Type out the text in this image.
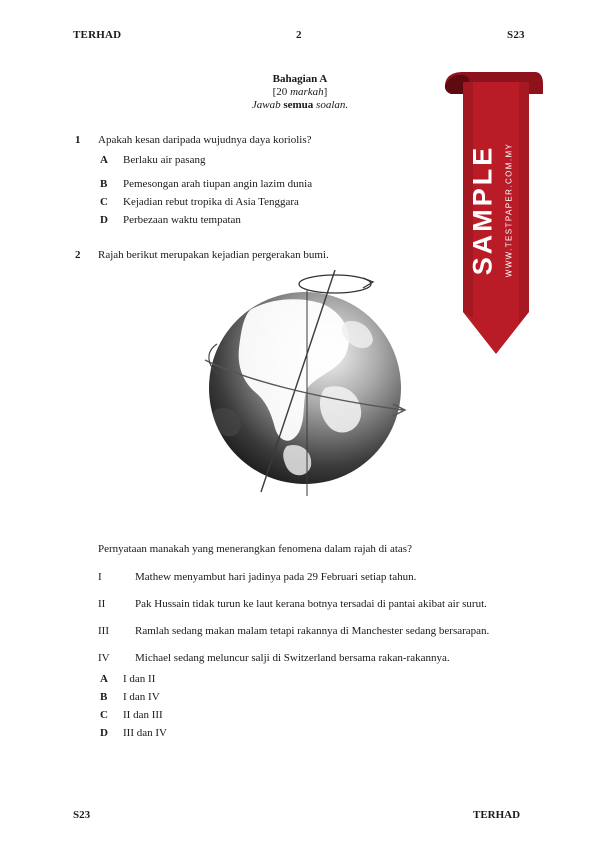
TERHAD	2	S23
Bahagian A
[20 markah]
Jawab semua soalan.
1 Apakah kesan daripada wujudnya daya koriolis?
A Berlaku air pasang
B Pemesongan arah tiupan angin lazim dunia
C Kejadian rebut tropika di Asia Tenggara
D Perbezaan waktu tempatan
2 Rajah berikut merupakan kejadian pergerakan bumi.
Pernyataan manakah yang menerangkan fenomena dalam rajah di atas?
I	Mathew menyambut hari jadinya pada 29 Februari setiap tahun.
II	Pak Hussain tidak turun ke laut kerana botnya tersadai di pantai akibat air surut.
III Ramlah sedang makan malam tetapi rakannya di Manchester sedang bersarapan.
IV Michael sedang meluncur salji di Switzerland bersama rakan-rakannya.
A I dan II
B I dan IV
C II dan III
D III dan IV
SAMPLE WWW.TESTPAPER.COM.MY
S23	TERHAD
